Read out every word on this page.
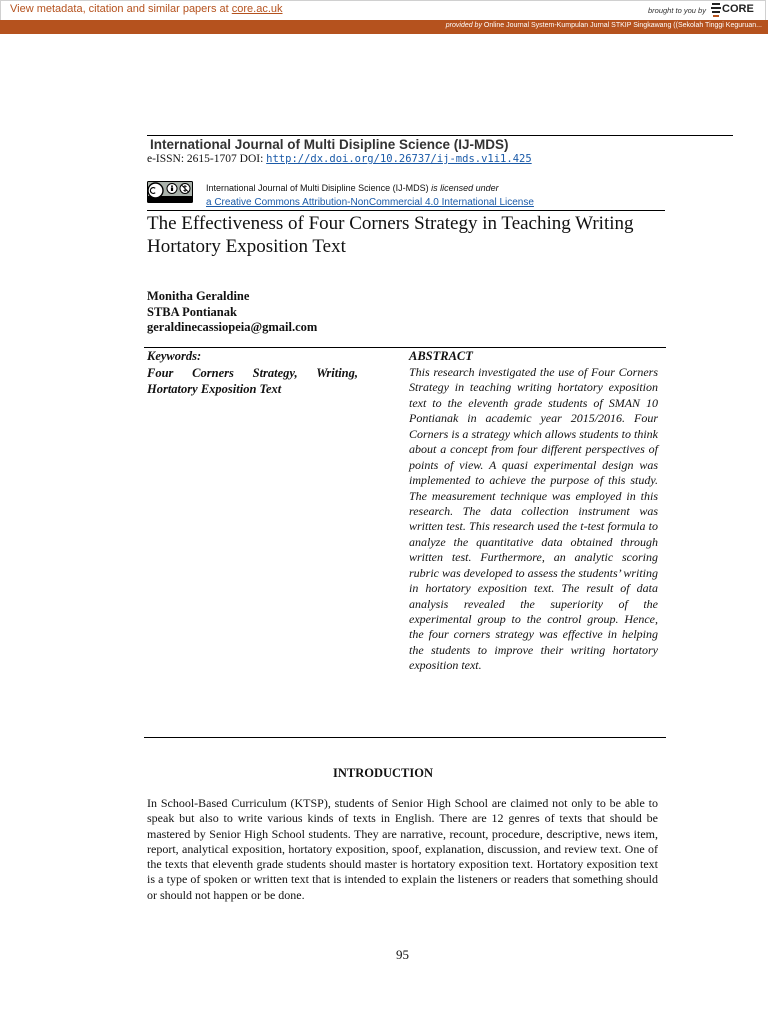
View metadata, citation and similar papers at core.ac.uk	brought to you by CORE
provided by Online Journal System-Kumpulan Jurnal STKIP Singkawang ((Sekolah Tinggi Keguruan...
International Journal of Multi Disipline Science (IJ-MDS)
e-ISSN: 2615-1707 DOI: http://dx.doi.org/10.26737/ij-mds.v1i1.425
International Journal of Multi Disipline Science (IJ-MDS) is licensed under
a Creative Commons Attribution-NonCommercial 4.0 International License
The Effectiveness of Four Corners Strategy in Teaching Writing Hortatory Exposition Text
Monitha Geraldine
STBA Pontianak
geraldinecassiopeia@gmail.com
Keywords:
Four Corners Strategy, Writing, Hortatory Exposition Text
ABSTRACT
This research investigated the use of Four Corners Strategy in teaching writing hortatory exposition text to the eleventh grade students of SMAN 10 Pontianak in academic year 2015/2016. Four Corners is a strategy which allows students to think about a concept from four different perspectives of points of view. A quasi experimental design was implemented to achieve the purpose of this study. The measurement technique was employed in this research. The data collection instrument was written test. This research used the t-test formula to analyze the quantitative data obtained through written test. Furthermore, an analytic scoring rubric was developed to assess the students’ writing in hortatory exposition text. The result of data analysis revealed the superiority of the experimental group to the control group. Hence, the four corners strategy was effective in helping the students to improve their writing hortatory exposition text.
INTRODUCTION
In School-Based Curriculum (KTSP), students of Senior High School are claimed not only to be able to speak but also to write various kinds of texts in English. There are 12 genres of texts that should be mastered by Senior High School students. They are narrative, recount, procedure, descriptive, news item, report, analytical exposition, hortatory exposition, spoof, explanation, discussion, and review text. One of the texts that eleventh grade students should master is hortatory exposition text. Hortatory exposition text is a type of spoken or written text that is intended to explain the listeners or readers that something should or should not happen or be done.
95
